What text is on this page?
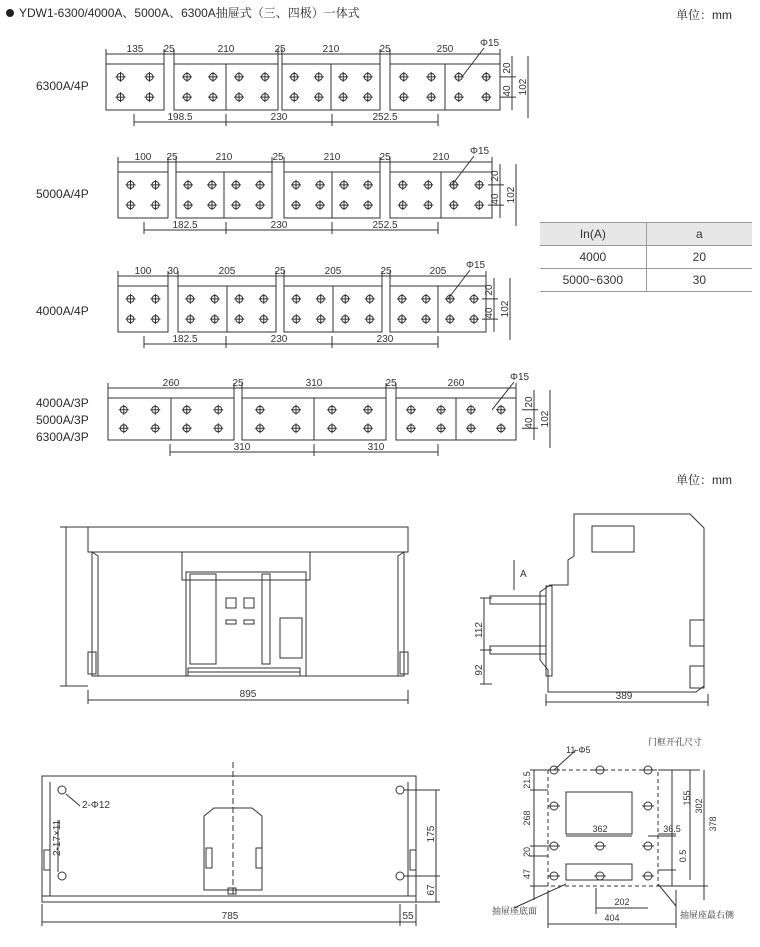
YDW1-6300/4000A、5000A、6300A抽屉式（三、四极）一体式	单位：mm
单位：mm
6300A/4P
5000A/4P
4000A/4P
4000A/3P
5000A/3P
6300A/3P
In(A)	a
4000	20
5000~6300	30
135 25	210	25	210	25	250
198.5	230	252.5
Φ15
20
40 102
100 25	210	25	210	25	210
182.5	230	252.5
Φ15
20
40 102
100 30	205	25	205	25	205
182.5	230	230
Φ15
20
40 102
260	25	310	25	260
310	310
Φ15
20
40 102
895
A
112
92
389
2-Φ12
2-17×11	175
67
785	55
门框开孔尺寸
11-Φ5
21.5
155
302
378
268
362	36.5
20	0.5
47
202
404
抽屉座底面	抽屉座最右侧
